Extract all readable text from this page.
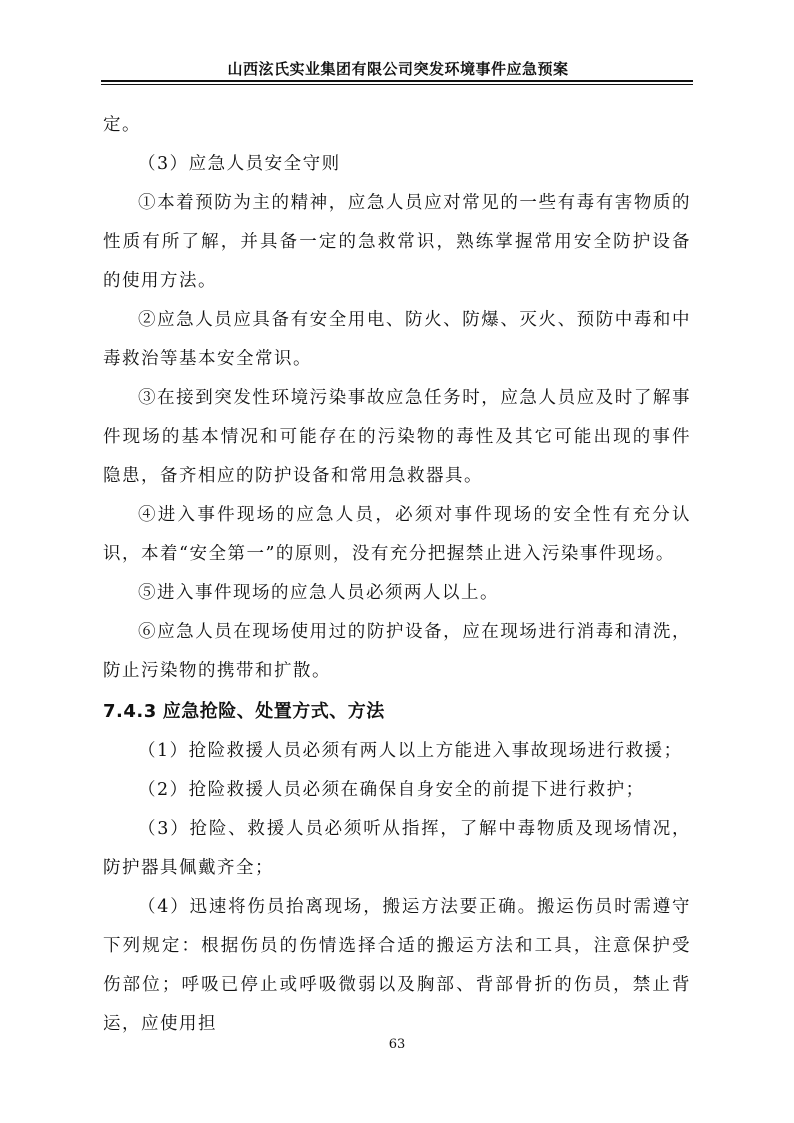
山西泫氏实业集团有限公司突发环境事件应急预案

定。

（3）应急人员安全守则

①本着预防为主的精神，应急人员应对常见的一些有毒有害物质的性质有所了解，并具备一定的急救常识，熟练掌握常用安全防护设备的使用方法。

②应急人员应具备有安全用电、防火、防爆、灭火、预防中毒和中毒救治等基本安全常识。

③在接到突发性环境污染事故应急任务时，应急人员应及时了解事件现场的基本情况和可能存在的污染物的毒性及其它可能出现的事件隐患，备齐相应的防护设备和常用急救器具。

④进入事件现场的应急人员，必须对事件现场的安全性有充分认识，本着“安全第一”的原则，没有充分把握禁止进入污染事件现场。

⑤进入事件现场的应急人员必须两人以上。

⑥应急人员在现场使用过的防护设备，应在现场进行消毒和清洗，防止污染物的携带和扩散。

7.4.3 应急抢险、处置方式、方法

（1）抢险救援人员必须有两人以上方能进入事故现场进行救援；

（2）抢险救援人员必须在确保自身安全的前提下进行救护；

（3）抢险、救援人员必须听从指挥，了解中毒物质及现场情况，防护器具佩戴齐全；

（4）迅速将伤员抬离现场，搬运方法要正确。搬运伤员时需遵守下列规定：根据伤员的伤情选择合适的搬运方法和工具，注意保护受伤部位；呼吸已停止或呼吸微弱以及胸部、背部骨折的伤员，禁止背运，应使用担

63
